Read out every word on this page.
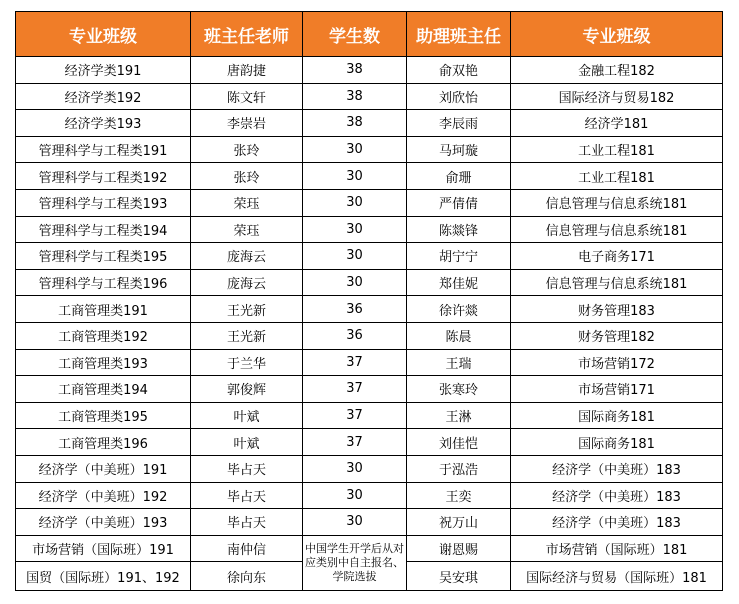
专业班级	班主任老师	学生数	助理班主任	专业班级
经济学类191	唐韵捷	38	俞双艳	金融工程182
经济学类192	陈文轩	38	刘欣怡	国际经济与贸易182
经济学类193	李崇岩	38	李辰雨	经济学181
管理科学与工程类191	张玲	30	马珂璇	工业工程181
管理科学与工程类192	张玲	30	俞珊	工业工程181
管理科学与工程类193	荣珏	30	严倩倩	信息管理与信息系统181
管理科学与工程类194	荣珏	30	陈燚锋	信息管理与信息系统181
管理科学与工程类195	庞海云	30	胡宁宁	电子商务171
管理科学与工程类196	庞海云	30	郑佳妮	信息管理与信息系统181
工商管理类191	王光新	36	徐许燚	财务管理183
工商管理类192	王光新	36	陈晨	财务管理182
工商管理类193	于兰华	37	王瑞	市场营销172
工商管理类194	郭俊辉	37	张寒玲	市场营销171
工商管理类195	叶斌	37	王淋	国际商务181
工商管理类196	叶斌	37	刘佳恺	国际商务181
经济学（中美班）191	毕占天	30	于泓浩	经济学（中美班）183
经济学（中美班）192	毕占天	30	王奕	经济学（中美班）183
经济学（中美班）193	毕占天	30	祝万山	经济学（中美班）183
市场营销（国际班）191	南仲信	中国学生开学后从对应类别中自主报名、学院选拔	谢恩赐	市场营销（国际班）181
国贸（国际班）191、192	徐向东		吴安琪	国际经济与贸易（国际班）181
